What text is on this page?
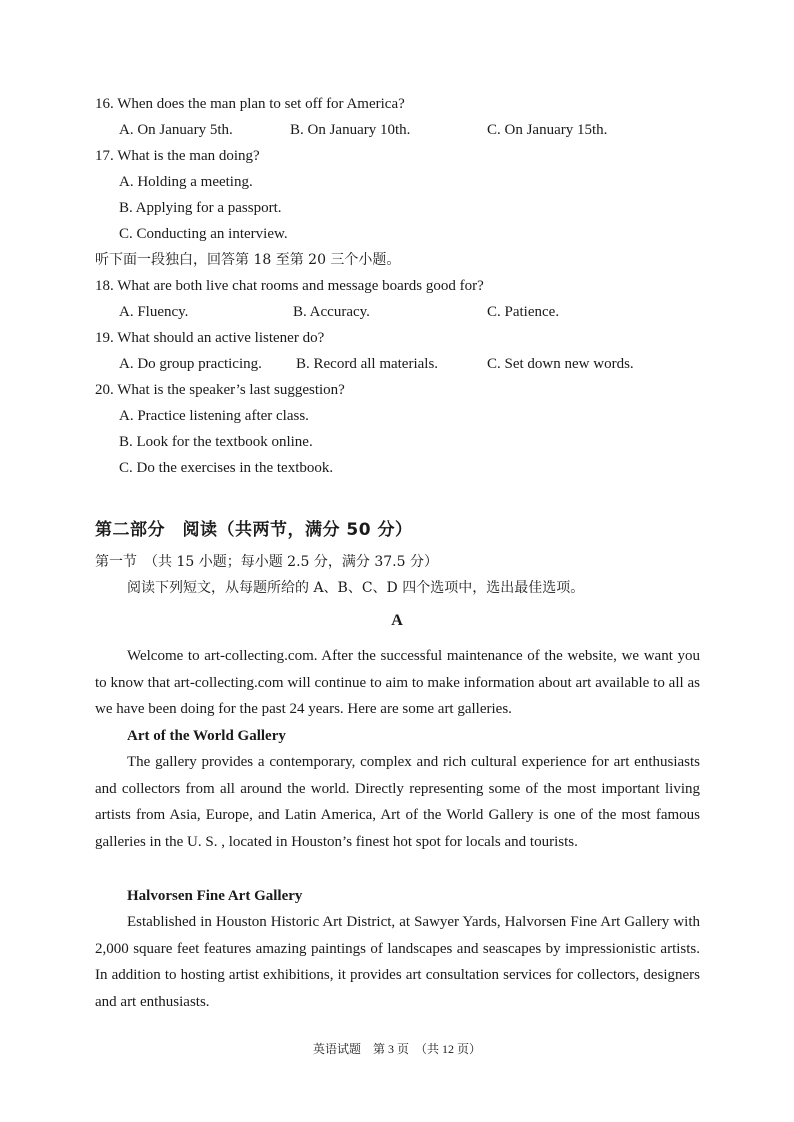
16. When does the man plan to set off for America?
A. On January 5th.	B. On January 10th.	C. On January 15th.
17. What is the man doing?
A. Holding a meeting.
B. Applying for a passport.
C. Conducting an interview.
听下面一段独白，回答第 18 至第 20 三个小题。
18. What are both live chat rooms and message boards good for?
A. Fluency.	B. Accuracy.	C. Patience.
19. What should an active listener do?
A. Do group practicing. B. Record all materials.	C. Set down new words.
20. What is the speaker’s last suggestion?
A. Practice listening after class.
B. Look for the textbook online.
C. Do the exercises in the textbook.
第二部分　阅读（共两节，满分 50 分）
第一节　（共 15 小题；每小题 2.5 分，满分 37.5 分）
阅读下列短文，从每题所给的 A、B、C、D 四个选项中，选出最佳选项。
A

Welcome to art-collecting.com. After the successful maintenance of the website, we want you to know that art-collecting.com will continue to aim to make information about art available to all as we have been doing for the past 24 years. Here are some art galleries.

Art of the World Gallery

The gallery provides a contemporary, complex and rich cultural experience for art enthusiasts and collectors from all around the world. Directly representing some of the most important living artists from Asia, Europe, and Latin America, Art of the World Gallery is one of the most famous galleries in the U. S. , located in Houston’s finest hot spot for locals and tourists.

Halvorsen Fine Art Gallery

Established in Houston Historic Art District, at Sawyer Yards, Halvorsen Fine Art Gallery with 2,000 square feet features amazing paintings of landscapes and seascapes by impressionistic artists. In addition to hosting artist exhibitions, it provides art consultation services for collectors, designers and art enthusiasts.

英语试题　第 3 页　（共 12 页）
